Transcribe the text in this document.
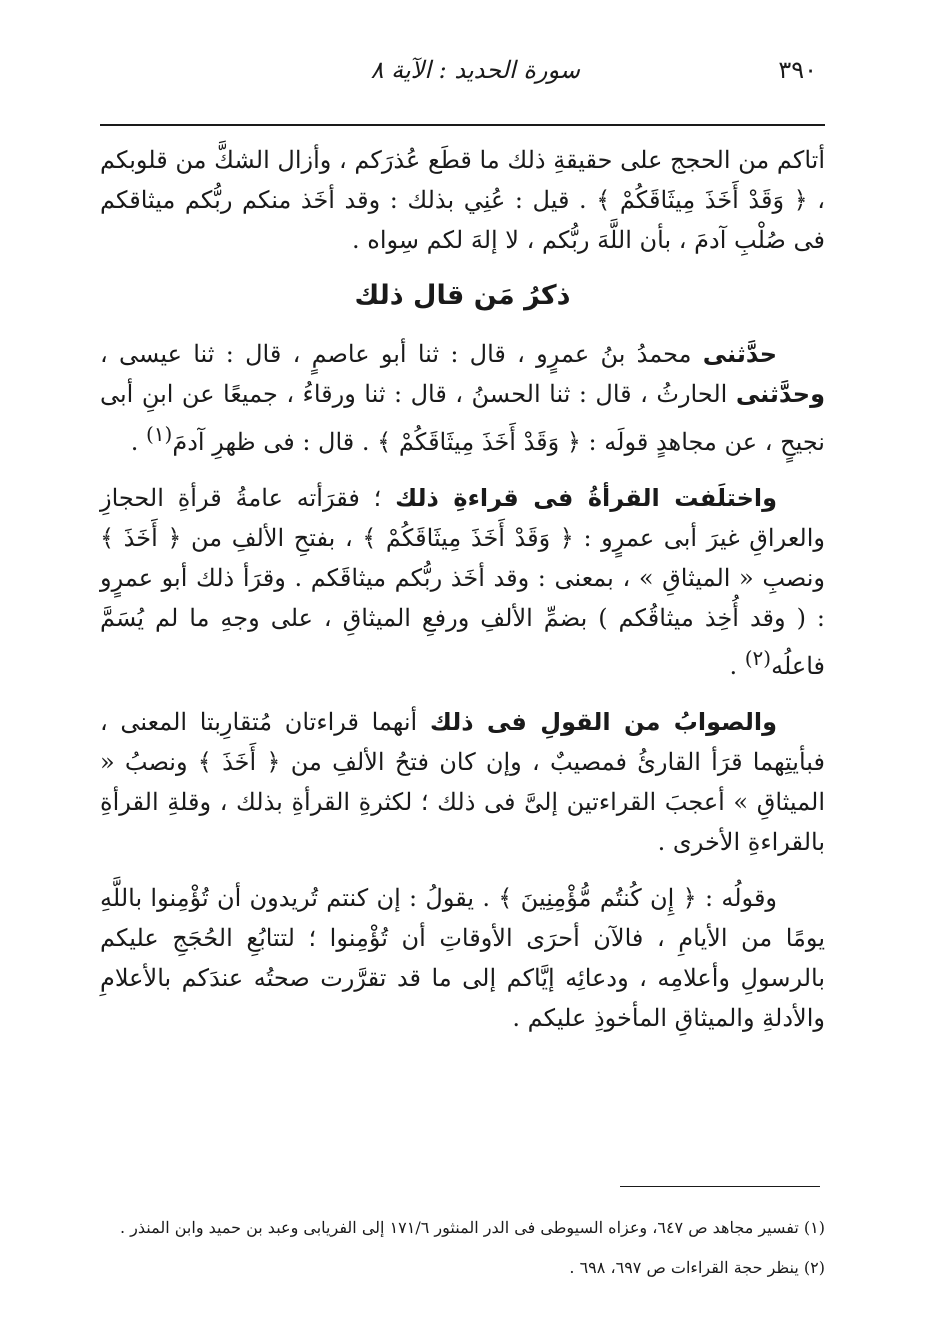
٣٩٠
سورة الحديد : الآية ٨

أتاكم من الحجج على حقيقةِ ذلك ما قطَع عُذرَكم ، وأزال الشكَّ من قلوبكم ، ﴿ وَقَدْ أَخَذَ مِيثَاقَكُمْ ﴾ . قيل : عُنِي بذلك : وقد أخَذ منكم ربُّكم ميثاقكم فى صُلْبِ آدمَ ، بأن اللَّهَ ربُّكم ، لا إلهَ لكم سِواه .

ذكرُ مَن قال ذلك

حدَّثنى محمدُ بنُ عمرٍو ، قال : ثنا أبو عاصمٍ ، قال : ثنا عيسى ، وحدَّثنى الحارثُ ، قال : ثنا الحسنُ ، قال : ثنا ورقاءُ ، جميعًا عن ابنِ أبى نجيحٍ ، عن مجاهدٍ قولَه : ﴿ وَقَدْ أَخَذَ مِيثَاقَكُمْ ﴾ . قال : فى ظهرِ آدمَ$^{(١)}$ .

واختلَفت القرأةُ فى قراءةِ ذلك ؛ فقرَأته عامةُ قرأةِ الحجازِ والعراقِ غيرَ أبى عمرٍو : ﴿ وَقَدْ أَخَذَ مِيثَاقَكُمْ ﴾ ، بفتحِ الألفِ من ﴿ أَخَذَ ﴾ ونصبِ « الميثاقِ » ، بمعنى : وقد أخَذ ربُّكم ميثاقَكم . وقرَأ ذلك أبو عمرٍو : ( وقد أُخِذ ميثاقُكم ) بضمِّ الألفِ ورفعِ الميثاقِ ، على وجهِ ما لم يُسَمَّ فاعلُه$^{(٢)}$ .

والصوابُ من القولِ فى ذلك أنهما قراءتان مُتقارِبتا المعنى ، فبأيتِهما قرَأ القارئُ فمصيبٌ ، وإن كان فتحُ الألفِ من ﴿ أَخَذَ ﴾ ونصبُ « الميثاقِ » أعجبَ القراءتين إلىَّ فى ذلك ؛ لكثرةِ القرأةِ بذلك ، وقلةِ القرأةِ بالقراءةِ الأخرى .

وقولُه : ﴿ إِن كُنتُم مُّؤْمِنِينَ ﴾ . يقولُ : إن كنتم تُريدون أن تُؤْمِنوا باللَّهِ يومًا من الأيامِ ، فالآن أحرَى الأوقاتِ أن تُؤْمِنوا ؛ لتتابُعِ الحُجَجِ عليكم بالرسولِ وأعلامِه ، ودعائِه إيَّاكم إلى ما قد تقرَّرت صحتُه عندَكم بالأعلامِ والأدلةِ والميثاقِ المأخوذِ عليكم .

(١) تفسير مجاهد ص ٦٤٧، وعزاه السيوطى فى الدر المنثور ١٧١/٦ إلى الفريابى وعبد بن حميد وابن المنذر .
(٢) ينظر حجة القراءات ص ٦٩٧، ٦٩٨ .
